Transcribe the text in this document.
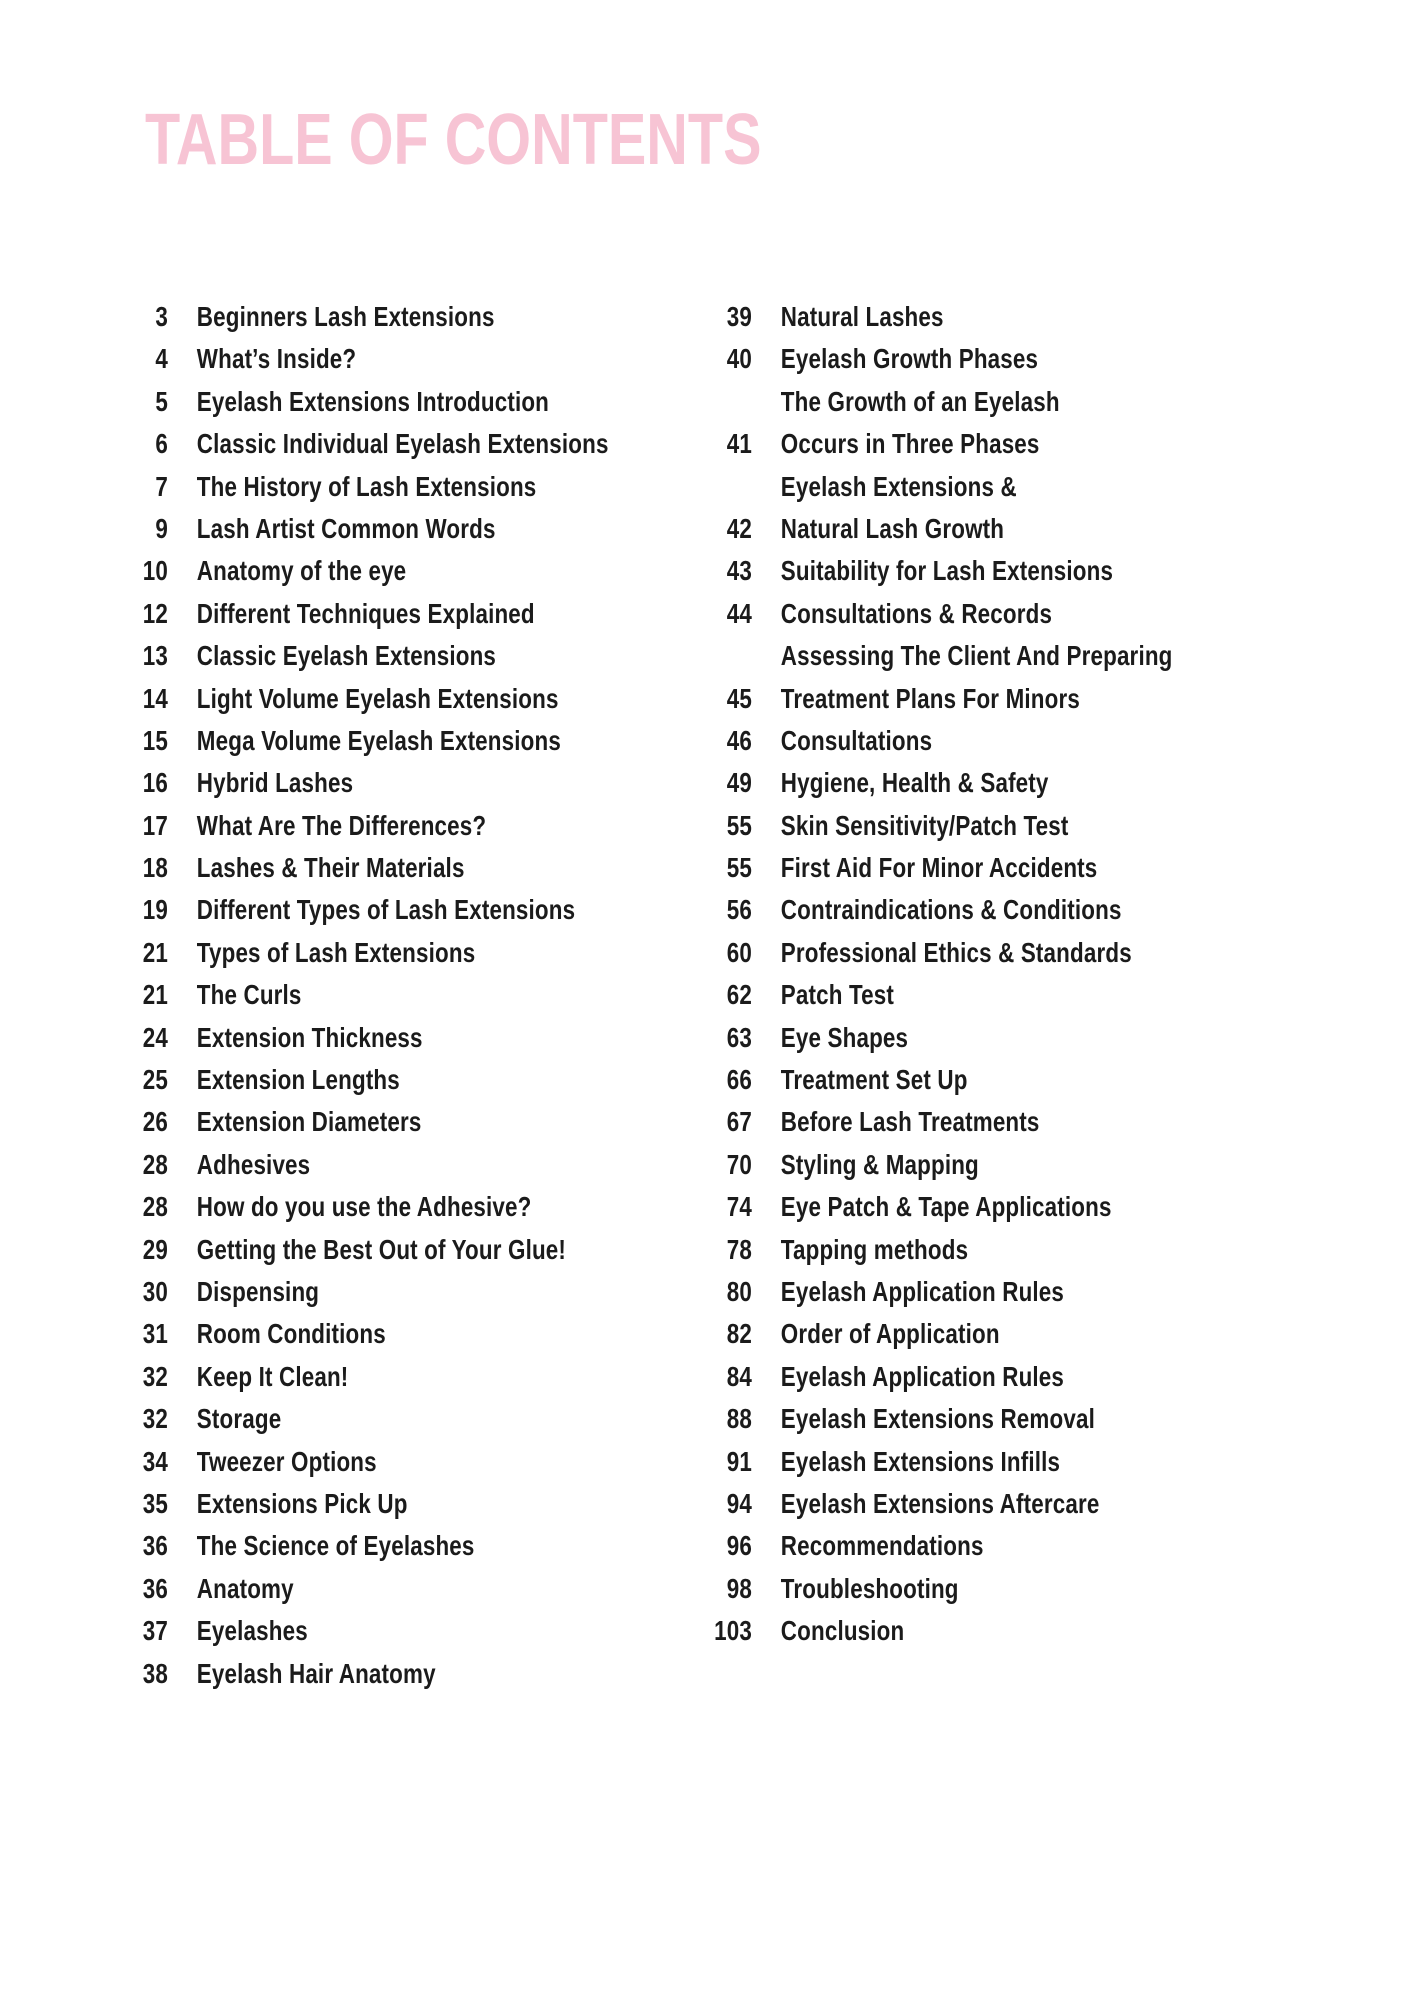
TABLE OF CONTENTS
3	Beginners Lash Extensions
4	What’s Inside?
5	Eyelash Extensions Introduction
6	Classic Individual Eyelash Extensions
7	The History of Lash Extensions
9	Lash Artist Common Words
10	Anatomy of the eye
12	Different Techniques Explained
13	Classic Eyelash Extensions
14	Light Volume Eyelash Extensions
15	Mega Volume Eyelash Extensions
16	Hybrid Lashes
17	What Are The Differences?
18	Lashes & Their Materials
19	Different Types of Lash Extensions
21	Types of Lash Extensions
21	The Curls
24	Extension Thickness
25	Extension Lengths
26	Extension Diameters
28	Adhesives
28	How do you use the Adhesive?
29	Getting the Best Out of Your Glue!
30	Dispensing
31	Room Conditions
32	Keep It Clean!
32	Storage
34	Tweezer Options
35	Extensions Pick Up
36	The Science of Eyelashes
36	Anatomy
37	Eyelashes
38	Eyelash Hair Anatomy
39	Natural Lashes
40	Eyelash Growth Phases
The Growth of an Eyelash
41	Occurs in Three Phases
Eyelash Extensions &
42	Natural Lash Growth
43	Suitability for Lash Extensions
44	Consultations & Records
Assessing The Client And Preparing
45	Treatment Plans For Minors
46	Consultations
49	Hygiene, Health & Safety
55	Skin Sensitivity/Patch Test
55	First Aid For Minor Accidents
56	Contraindications & Conditions
60	Professional Ethics & Standards
62	Patch Test
63	Eye Shapes
66	Treatment Set Up
67	Before Lash Treatments
70	Styling & Mapping
74	Eye Patch & Tape Applications
78	Tapping methods
80	Eyelash Application Rules
82	Order of Application
84	Eyelash Application Rules
88	Eyelash Extensions Removal
91	Eyelash Extensions Infills
94	Eyelash Extensions Aftercare
96	Recommendations
98	Troubleshooting
103	Conclusion
